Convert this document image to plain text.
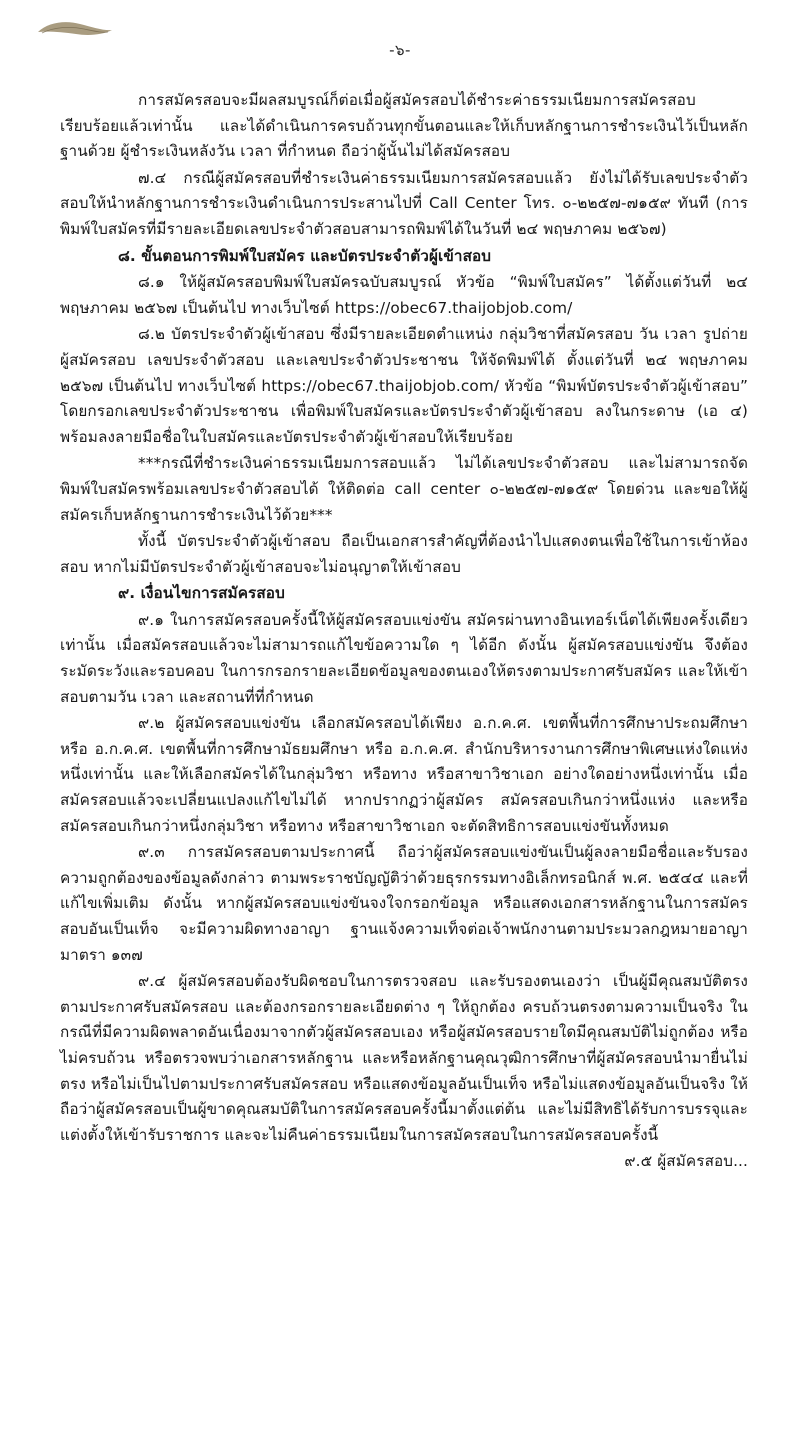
-๖-

การสมัครสอบจะมีผลสมบูรณ์ก็ต่อเมื่อผู้สมัครสอบได้ชำระค่าธรรมเนียมการสมัครสอบเรียบร้อยแล้วเท่านั้น และได้ดำเนินการครบถ้วนทุกขั้นตอนและให้เก็บหลักฐานการชำระเงินไว้เป็นหลักฐานด้วย ผู้ชำระเงินหลังวัน เวลา ที่กำหนด ถือว่าผู้นั้นไม่ได้สมัครสอบ

๗.๔ กรณีผู้สมัครสอบที่ชำระเงินค่าธรรมเนียมการสมัครสอบแล้ว ยังไม่ได้รับเลขประจำตัวสอบให้นำหลักฐานการชำระเงินดำเนินการประสานไปที่ Call Center โทร. ๐-๒๒๕๗-๗๑๕๙ ทันที (การพิมพ์ใบสมัครที่มีรายละเอียดเลขประจำตัวสอบสามารถพิมพ์ได้ในวันที่ ๒๔ พฤษภาคม ๒๕๖๗)

๘. ขั้นตอนการพิมพ์ใบสมัคร และบัตรประจำตัวผู้เข้าสอบ

๘.๑ ให้ผู้สมัครสอบพิมพ์ใบสมัครฉบับสมบูรณ์ หัวข้อ “พิมพ์ใบสมัคร” ได้ตั้งแต่วันที่ ๒๔ พฤษภาคม ๒๕๖๗ เป็นต้นไป ทางเว็บไซต์ https://obec67.thaijobjob.com/

๘.๒ บัตรประจำตัวผู้เข้าสอบ ซึ่งมีรายละเอียดตำแหน่ง กลุ่มวิชาที่สมัครสอบ วัน เวลา รูปถ่ายผู้สมัครสอบ เลขประจำตัวสอบ และเลขประจำตัวประชาชน ให้จัดพิมพ์ได้ ตั้งแต่วันที่ ๒๔ พฤษภาคม ๒๕๖๗ เป็นต้นไป ทางเว็บไซต์ https://obec67.thaijobjob.com/ หัวข้อ “พิมพ์บัตรประจำตัวผู้เข้าสอบ” โดยกรอกเลขประจำตัวประชาชน เพื่อพิมพ์ใบสมัครและบัตรประจำตัวผู้เข้าสอบ ลงในกระดาษ (เอ ๔) พร้อมลงลายมือชื่อในใบสมัครและบัตรประจำตัวผู้เข้าสอบให้เรียบร้อย

***กรณีที่ชำระเงินค่าธรรมเนียมการสอบแล้ว ไม่ได้เลขประจำตัวสอบ และไม่สามารถจัดพิมพ์ใบสมัครพร้อมเลขประจำตัวสอบได้ ให้ติดต่อ call center ๐-๒๒๕๗-๗๑๕๙ โดยด่วน และขอให้ผู้สมัครเก็บหลักฐานการชำระเงินไว้ด้วย***

ทั้งนี้ บัตรประจำตัวผู้เข้าสอบ ถือเป็นเอกสารสำคัญที่ต้องนำไปแสดงตนเพื่อใช้ในการเข้าห้องสอบ หากไม่มีบัตรประจำตัวผู้เข้าสอบจะไม่อนุญาตให้เข้าสอบ

๙. เงื่อนไขการสมัครสอบ

๙.๑ ในการสมัครสอบครั้งนี้ให้ผู้สมัครสอบแข่งขัน สมัครผ่านทางอินเทอร์เน็ตได้เพียงครั้งเดียวเท่านั้น เมื่อสมัครสอบแล้วจะไม่สามารถแก้ไขข้อความใด ๆ ได้อีก ดังนั้น ผู้สมัครสอบแข่งขัน จึงต้องระมัดระวังและรอบคอบ ในการกรอกรายละเอียดข้อมูลของตนเองให้ตรงตามประกาศรับสมัคร และให้เข้าสอบตามวัน เวลา และสถานที่ที่กำหนด

๙.๒ ผู้สมัครสอบแข่งขัน เลือกสมัครสอบได้เพียง อ.ก.ค.ศ. เขตพื้นที่การศึกษาประถมศึกษา หรือ อ.ก.ค.ศ. เขตพื้นที่การศึกษามัธยมศึกษา หรือ อ.ก.ค.ศ. สำนักบริหารงานการศึกษาพิเศษแห่งใดแห่งหนึ่งเท่านั้น และให้เลือกสมัครได้ในกลุ่มวิชา หรือทาง หรือสาขาวิชาเอก อย่างใดอย่างหนึ่งเท่านั้น เมื่อสมัครสอบแล้วจะเปลี่ยนแปลงแก้ไขไม่ได้ หากปรากฏว่าผู้สมัคร สมัครสอบเกินกว่าหนึ่งแห่ง และหรือสมัครสอบเกินกว่าหนึ่งกลุ่มวิชา หรือทาง หรือสาขาวิชาเอก จะตัดสิทธิการสอบแข่งขันทั้งหมด

๙.๓ การสมัครสอบตามประกาศนี้ ถือว่าผู้สมัครสอบแข่งขันเป็นผู้ลงลายมือชื่อและรับรองความถูกต้องของข้อมูลดังกล่าว ตามพระราชบัญญัติว่าด้วยธุรกรรมทางอิเล็กทรอนิกส์ พ.ศ. ๒๕๔๔ และที่แก้ไขเพิ่มเติม ดังนั้น หากผู้สมัครสอบแข่งขันจงใจกรอกข้อมูล หรือแสดงเอกสารหลักฐานในการสมัครสอบอันเป็นเท็จ จะมีความผิดทางอาญา ฐานแจ้งความเท็จต่อเจ้าพนักงานตามประมวลกฎหมายอาญา มาตรา ๑๓๗

๙.๔ ผู้สมัครสอบต้องรับผิดชอบในการตรวจสอบ และรับรองตนเองว่า เป็นผู้มีคุณสมบัติตรงตามประกาศรับสมัครสอบ และต้องกรอกรายละเอียดต่าง ๆ ให้ถูกต้อง ครบถ้วนตรงตามความเป็นจริง ในกรณีที่มีความผิดพลาดอันเนื่องมาจากตัวผู้สมัครสอบเอง หรือผู้สมัครสอบรายใดมีคุณสมบัติไม่ถูกต้อง หรือไม่ครบถ้วน หรือตรวจพบว่าเอกสารหลักฐาน และหรือหลักฐานคุณวุฒิการศึกษาที่ผู้สมัครสอบนำมายื่นไม่ตรง หรือไม่เป็นไปตามประกาศรับสมัครสอบ หรือแสดงข้อมูลอันเป็นเท็จ หรือไม่แสดงข้อมูลอันเป็นจริง ให้ถือว่าผู้สมัครสอบเป็นผู้ขาดคุณสมบัติในการสมัครสอบครั้งนี้มาตั้งแต่ต้น และไม่มีสิทธิได้รับการบรรจุและแต่งตั้งให้เข้ารับราชการ และจะไม่คืนค่าธรรมเนียมในการสมัครสอบในการสมัครสอบครั้งนี้

๙.๕ ผู้สมัครสอบ...
